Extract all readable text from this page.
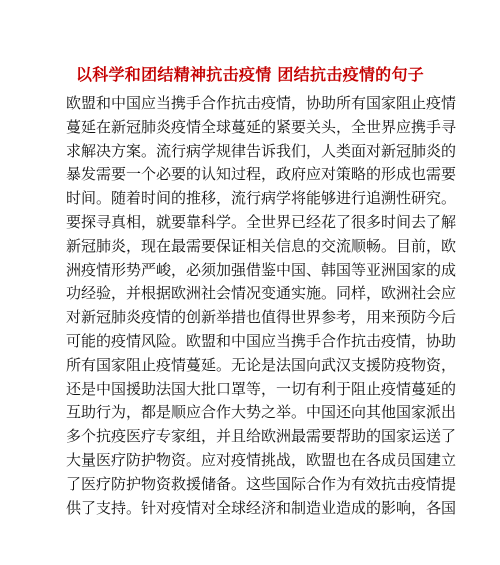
以科学和团结精神抗击疫情 团结抗击疫情的句子
欧盟和中国应当携手合作抗击疫情，协助所有国家阻止疫情
蔓延在新冠肺炎疫情全球蔓延的紧要关头，全世界应携手寻
求解决方案。流行病学规律告诉我们，人类面对新冠肺炎的
暴发需要一个必要的认知过程，政府应对策略的形成也需要
时间。随着时间的推移，流行病学将能够进行追溯性研究。
要探寻真相，就要靠科学。全世界已经花了很多时间去了解
新冠肺炎，现在最需要保证相关信息的交流顺畅。目前，欧
洲疫情形势严峻，必须加强借鉴中国、韩国等亚洲国家的成
功经验，并根据欧洲社会情况变通实施。同样，欧洲社会应
对新冠肺炎疫情的创新举措也值得世界参考，用来预防今后
可能的疫情风险。欧盟和中国应当携手合作抗击疫情，协助
所有国家阻止疫情蔓延。无论是法国向武汉支援防疫物资，
还是中国援助法国大批口罩等，一切有利于阻止疫情蔓延的
互助行为，都是顺应合作大势之举。中国还向其他国家派出
多个抗疫医疗专家组，并且给欧洲最需要帮助的国家运送了
大量医疗防护物资。应对疫情挑战，欧盟也在各成员国建立
了医疗防护物资救援储备。这些国际合作为有效抗击疫情提
供了支持。针对疫情对全球经济和制造业造成的影响，各国
